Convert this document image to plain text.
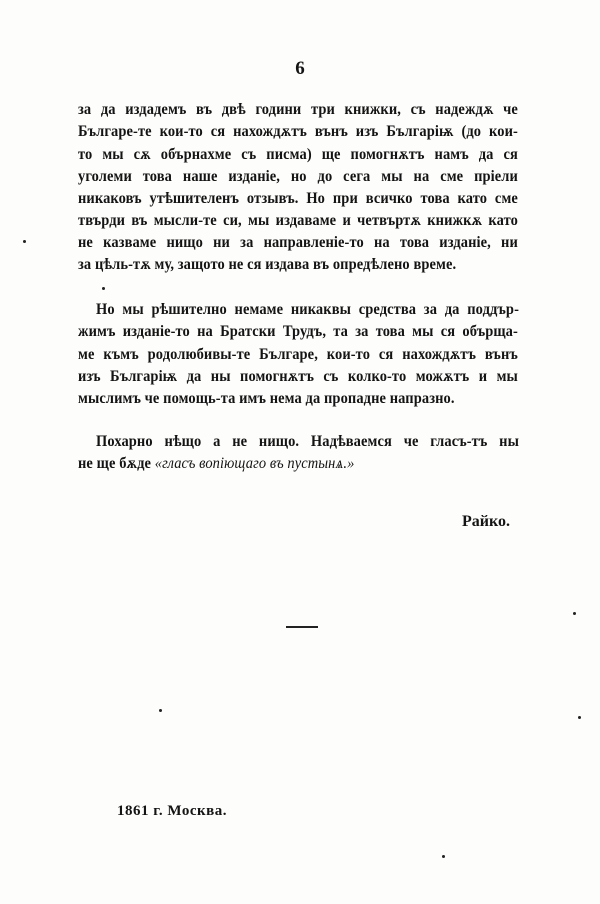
6
за да издадемъ въ двѣ години три книжки, съ надеждѫ че
Българе-те кои-то ся нахождѫтъ вънъ изъ Българіѭ (до кои-
то мы сѫ обърнахме съ писма) ще помогнѫтъ намъ да ся
уголеми това наше изданіе, но до сега мы на сме пріели
никаковъ утѣшителенъ отзывъ. Но при всичко това като сме
твърди въ мысли-те си, мы издаваме и четвъртѫ книжкѫ като
не казваме нищо ни за направленіе-то на това изданіе, ни
за цѣль-тѫ му, защото не ся издава въ опредѣлено време.
Но мы рѣшително немаме никаквы средства за да поддър-
жимъ изданіе-то на Братски Трудъ, та за това мы ся обърща-
ме къмъ родолюбивы-те Българе, кои-то ся нахождѫтъ вънъ
изъ Българіѭ да ны помогнѫтъ съ колко-то можѫтъ и мы
мыслимъ че помощь-та имъ нема да пропадне напразно.
Похарно нѣщо а не нищо. Надѣваемся че гласъ-тъ ны
не ще бѫде «гласъ вопіющаго въ пустынѧ.»
Райко.
1861 г. Москва.
